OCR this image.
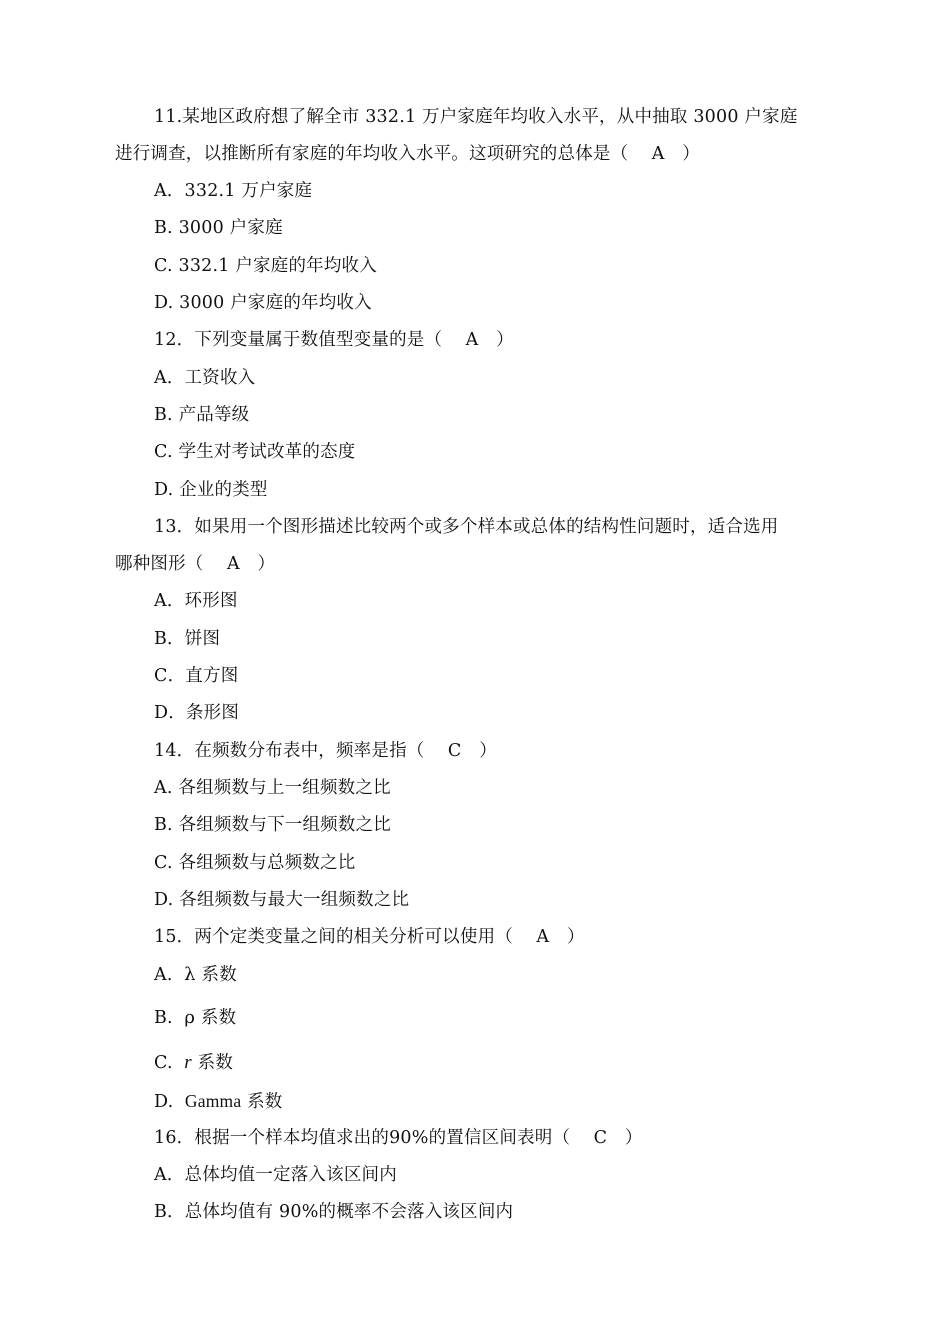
11.某地区政府想了解全市 332.1 万户家庭年均收入水平，从中抽取 3000 户家庭
进行调查，以推断所有家庭的年均收入水平。这项研究的总体是（　 A　）
A．332.1 万户家庭
B. 3000 户家庭
C. 332.1 户家庭的年均收入
D. 3000 户家庭的年均收入
12．下列变量属于数值型变量的是（　 A　）
A．工资收入
B. 产品等级
C. 学生对考试改革的态度
D. 企业的类型
13．如果用一个图形描述比较两个或多个样本或总体的结构性问题时，适合选用
哪种图形（　 A　）
A．环形图
B．饼图
C．直方图
D．条形图
14．在频数分布表中，频率是指（　 C　）
A. 各组频数与上一组频数之比
B. 各组频数与下一组频数之比
C. 各组频数与总频数之比
D. 各组频数与最大一组频数之比
15．两个定类变量之间的相关分析可以使用（　 A　）
A. λ 系数
B. ρ 系数
C. r 系数
D. Gamma 系数
16．根据一个样本均值求出的90%的置信区间表明（　 C　）
A．总体均值一定落入该区间内
B．总体均值有 90%的概率不会落入该区间内
